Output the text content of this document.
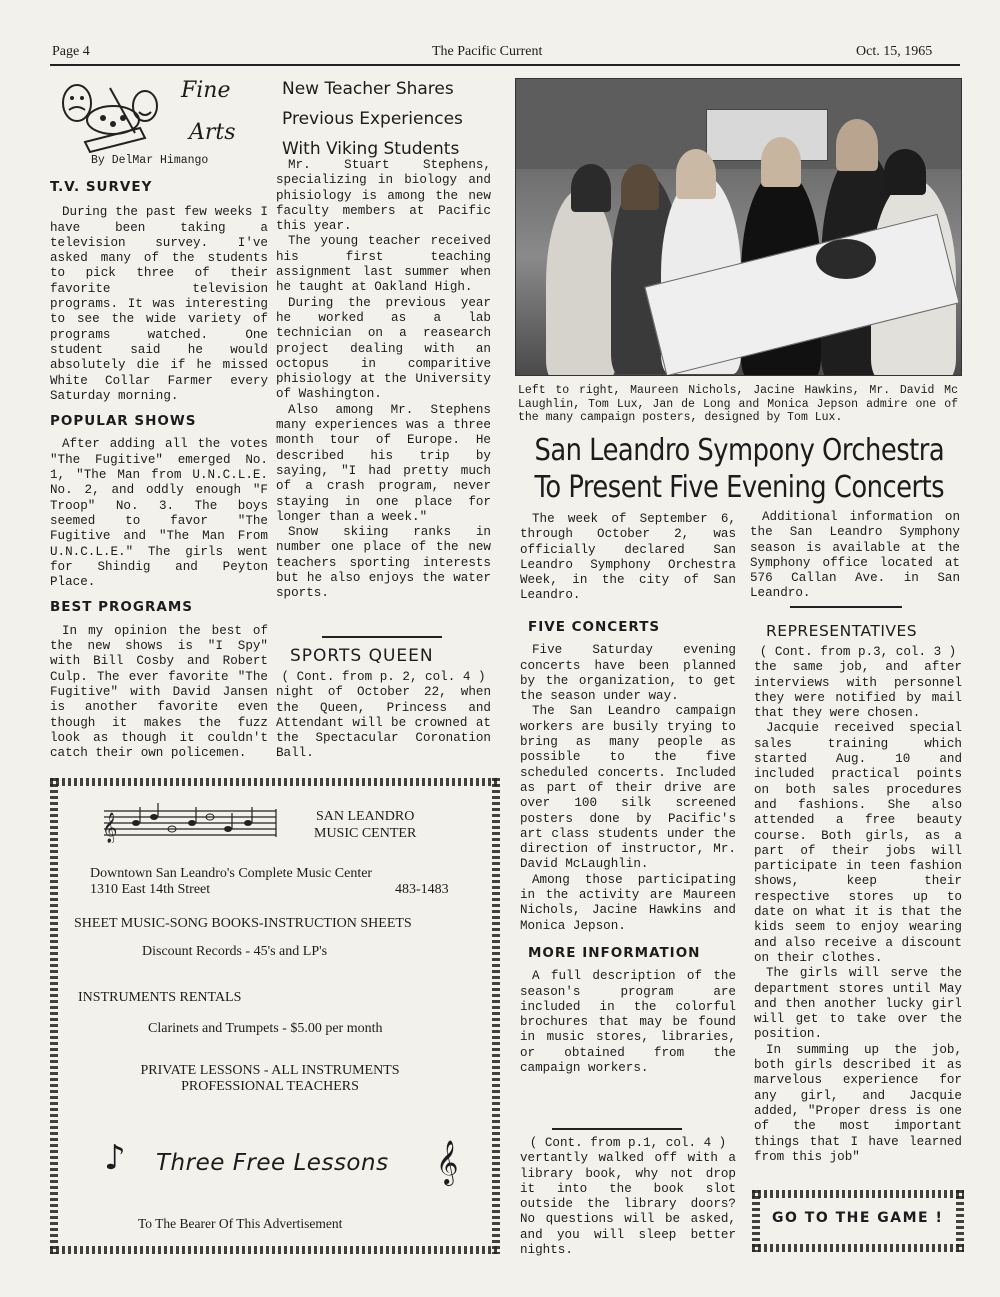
Page 4	The Pacific Current	Oct. 15, 1965
Fine
Arts
By DelMar Himango
T.V. SURVEY

During the past few weeks I have been taking a television survey. I've asked many of the students to pick three of their favorite television programs. It was interesting to see the wide variety of programs watched. One student said he would absolutely die if he missed White Collar Farmer every Saturday morning.

POPULAR SHOWS

After adding all the votes "The Fugitive" emerged No. 1, "The Man from U.N.C.L.E. No. 2, and oddly enough "F Troop" No. 3. The boys seemed to favor "The Fugitive and "The Man From U.N.C.L.E." The girls went for Shindig and Peyton Place.

BEST PROGRAMS

In my opinion the best of the new shows is "I Spy" with Bill Cosby and Robert Culp. The ever favorite "The Fugitive" with David Jansen is another favorite even though it makes the fuzz look as though it couldn't catch their own policemen.

New Teacher Shares
Previous Experiences
With Viking Students

Mr. Stuart Stephens, specializing in biology and phisiology is among the new faculty members at Pacific this year.

The young teacher received his first teaching assignment last summer when he taught at Oakland High.

During the previous year he worked as a lab technician on a reasearch project dealing with an octopus in comparitive phisiology at the University of Washington.

Also among Mr. Stephens many experiences was a three month tour of Europe. He described his trip by saying, "I had pretty much of a crash program, never staying in one place for longer than a week."

Snow skiing ranks in number one place of the new teachers sporting interests but he also enjoys the water sports.

SPORTS QUEEN
( Cont. from p. 2, col. 4 )

night of October 22, when the Queen, Princess and Attendant will be crowned at the Spectacular Coronation Ball.

Left to right, Maureen Nichols, Jacine Hawkins, Mr. David Mc Laughlin, Tom Lux, Jan de Long and Monica Jepson admire one of the many campaign posters, designed by Tom Lux.
San Leandro Sympony Orchestra
To Present Five Evening Concerts

The week of September 6, through October 2, was officially declared San Leandro Symphony Orchestra Week, in the city of San Leandro.

FIVE CONCERTS

Five Saturday evening concerts have been planned by the organization, to get the season under way.

The San Leandro campaign workers are busily trying to bring as many people as possible to the five scheduled concerts. Included as part of their drive are over 100 silk screened posters done by Pacific's art class students under the direction of instructor, Mr. David McLaughlin.

Among those participating in the activity are Maureen Nichols, Jacine Hawkins and Monica Jepson.

MORE INFORMATION

A full description of the season's program are included in the colorful brochures that may be found in music stores, libraries, or obtained from the campaign workers.

( Cont. from p.1, col. 4 )

vertantly walked off with a library book, why not drop it into the book slot outside the library doors? No questions will be asked, and you will sleep better nights.

Additional information on the San Leandro Symphony season is available at the Symphony office located at 576 Callan Ave. in San Leandro.

REPRESENTATIVES
( Cont. from p.3, col. 3 )

the same job, and after interviews with personnel they were notified by mail that they were chosen.

Jacquie received special sales training which started Aug. 10 and included practical points on both sales procedures and fashions. She also attended a free beauty course. Both girls, as a part of their jobs will participate in teen fashion shows, keep their respective stores up to date on what it is that the kids seem to enjoy wearing and also receive a discount on their clothes.

The girls will serve the department stores until May and then another lucky girl will get to take over the position.

In summing up the job, both girls described it as marvelous experience for any girl, and Jacquie added, "Proper dress is one of the most important things that I have learned from this job"

GO TO THE GAME !
𝄞	SAN LEANDRO
MUSIC CENTER
Downtown San Leandro's Complete Music Center
1310 East 14th Street	483-1483
SHEET MUSIC-SONG BOOKS-INSTRUCTION SHEETS
Discount Records - 45's and LP's
INSTRUMENTS RENTALS
Clarinets and Trumpets - $5.00 per month
PRIVATE LESSONS - ALL INSTRUMENTS
PROFESSIONAL TEACHERS
♪ Three Free Lessons 𝄞
To The Bearer Of This Advertisement
